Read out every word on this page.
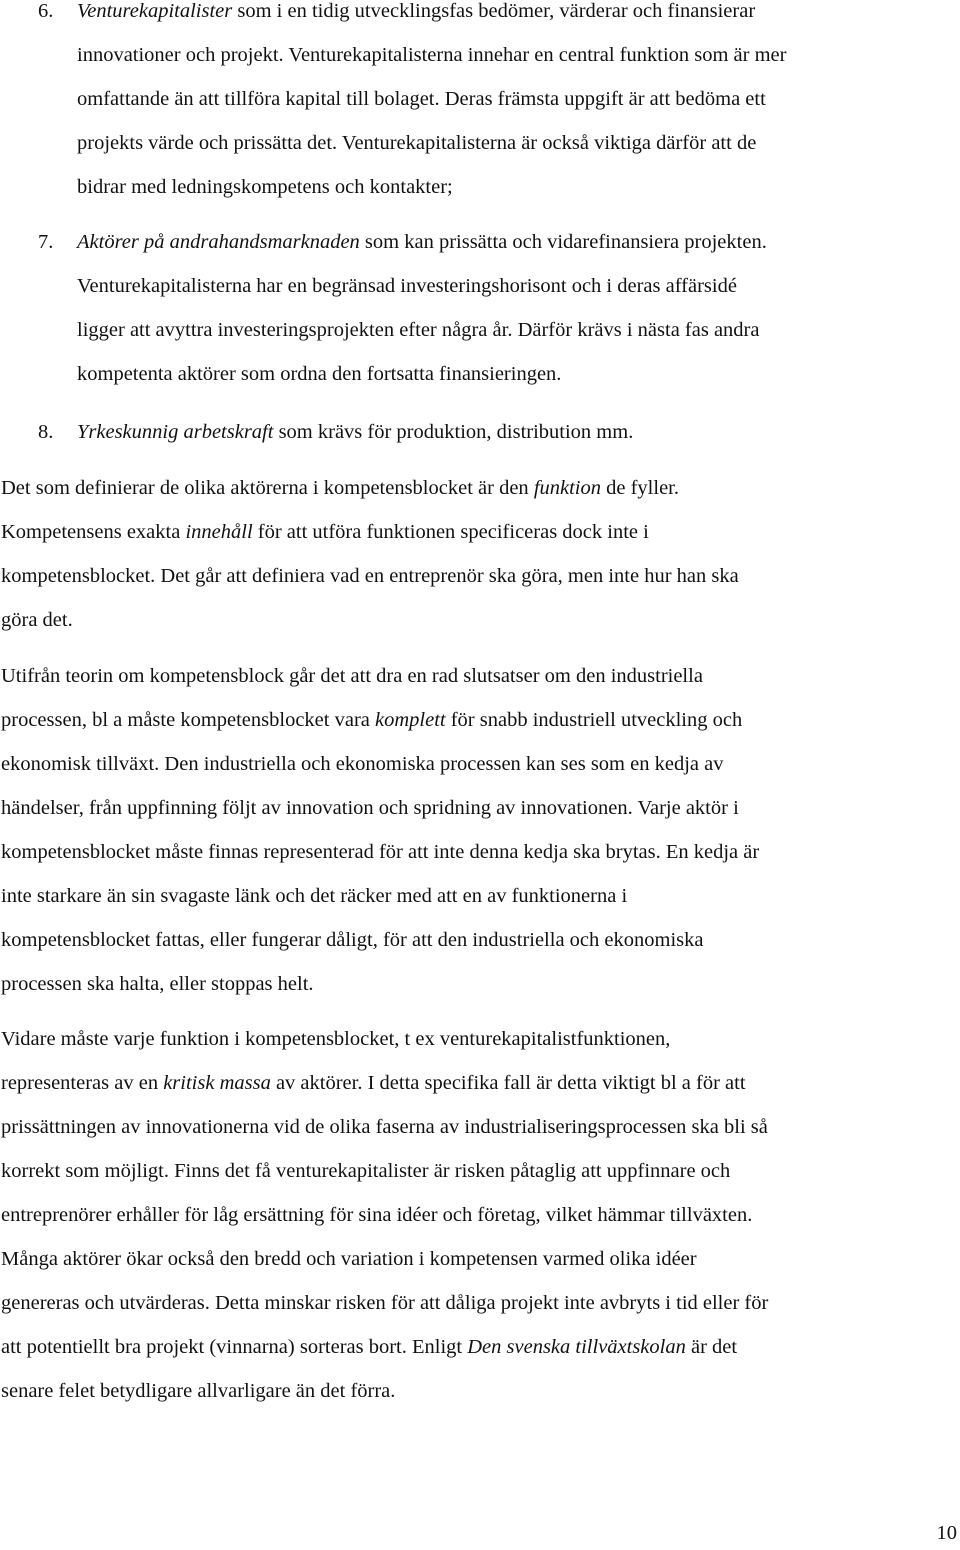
6. Venturekapitalister som i en tidig utvecklingsfas bedömer, värderar och finansierar
innovationer och projekt. Venturekapitalisterna innehar en central funktion som är mer
omfattande än att tillföra kapital till bolaget. Deras främsta uppgift är att bedöma ett
projekts värde och prissätta det. Venturekapitalisterna är också viktiga därför att de
bidrar med ledningskompetens och kontakter;
7. Aktörer på andrahandsmarknaden som kan prissätta och vidarefinansiera projekten.
Venturekapitalisterna har en begränsad investeringshorisont och i deras affärsidé
ligger att avyttra investeringsprojekten efter några år. Därför krävs i nästa fas andra
kompetenta aktörer som ordna den fortsatta finansieringen.
8. Yrkeskunnig arbetskraft som krävs för produktion, distribution mm.
Det som definierar de olika aktörerna i kompetensblocket är den funktion de fyller.
Kompetensens exakta innehåll för att utföra funktionen specificeras dock inte i
kompetensblocket. Det går att definiera vad en entreprenör ska göra, men inte hur han ska
göra det.
Utifrån teorin om kompetensblock går det att dra en rad slutsatser om den industriella
processen, bl a måste kompetensblocket vara komplett för snabb industriell utveckling och
ekonomisk tillväxt. Den industriella och ekonomiska processen kan ses som en kedja av
händelser, från uppfinning följt av innovation och spridning av innovationen. Varje aktör i
kompetensblocket måste finnas representerad för att inte denna kedja ska brytas. En kedja är
inte starkare än sin svagaste länk och det räcker med att en av funktionerna i
kompetensblocket fattas, eller fungerar dåligt, för att den industriella och ekonomiska
processen ska halta, eller stoppas helt.
Vidare måste varje funktion i kompetensblocket, t ex venturekapitalistfunktionen,
representeras av en kritisk massa av aktörer. I detta specifika fall är detta viktigt bl a för att
prissättningen av innovationerna vid de olika faserna av industrialiseringsprocessen ska bli så
korrekt som möjligt. Finns det få venturekapitalister är risken påtaglig att uppfinnare och
entreprenörer erhåller för låg ersättning för sina idéer och företag, vilket hämmar tillväxten.
Många aktörer ökar också den bredd och variation i kompetensen varmed olika idéer
genereras och utvärderas. Detta minskar risken för att dåliga projekt inte avbryts i tid eller för
att potentiellt bra projekt (vinnarna) sorteras bort. Enligt Den svenska tillväxtskolan är det
senare felet betydligare allvarligare än det förra.
10
